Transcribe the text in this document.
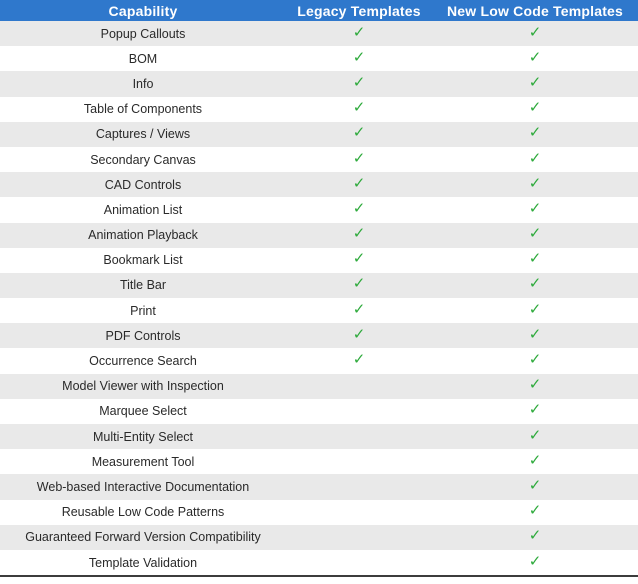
Capability	Legacy Templates	New Low Code Templates
Popup Callouts	✓	✓
BOM	✓	✓
Info	✓	✓
Table of Components	✓	✓
Captures / Views	✓	✓
Secondary Canvas	✓	✓
CAD Controls	✓	✓
Animation List	✓	✓
Animation Playback	✓	✓
Bookmark List	✓	✓
Title Bar	✓	✓
Print	✓	✓
PDF Controls	✓	✓
Occurrence Search	✓	✓
Model Viewer with Inspection		✓
Marquee Select		✓
Multi-Entity Select		✓
Measurement Tool		✓
Web-based Interactive Documentation		✓
Reusable Low Code Patterns		✓
Guaranteed Forward Version Compatibility		✓
Template Validation		✓
